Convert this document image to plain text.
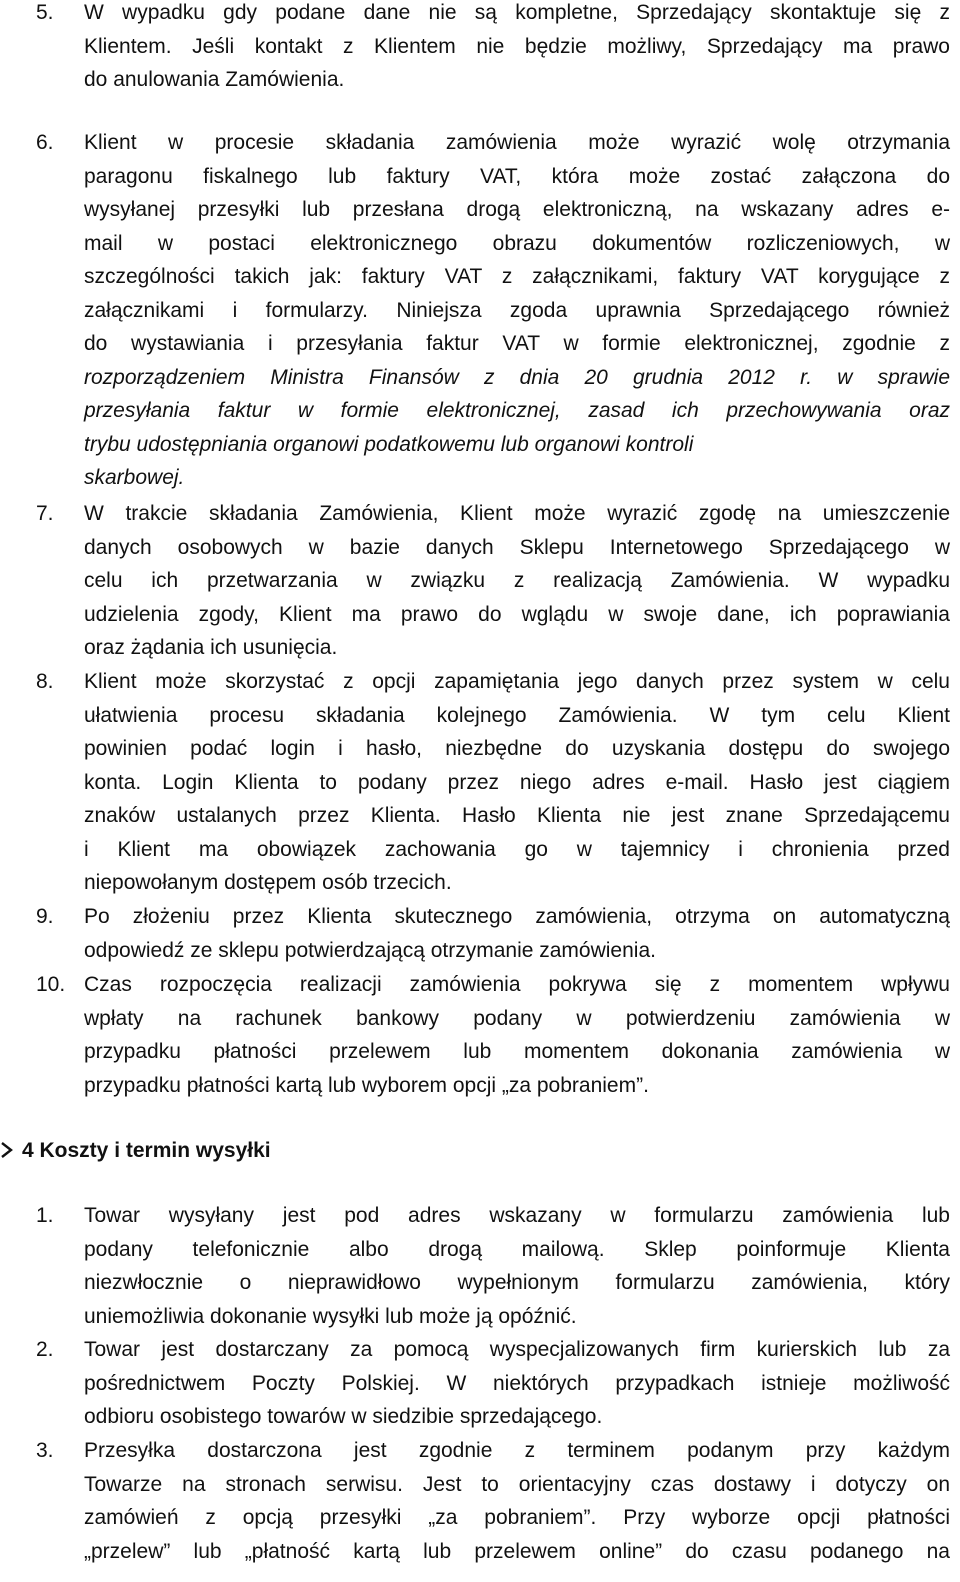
5. W wypadku gdy podane dane nie są kompletne, Sprzedający skontaktuje się z
Klientem. Jeśli kontakt z Klientem nie będzie możliwy, Sprzedający ma prawo
do anulowania Zamówienia.
6. Klient w procesie składania zamówienia może wyrazić wolę otrzymania
paragonu fiskalnego lub faktury VAT, która może zostać załączona do
wysyłanej przesyłki lub przesłana drogą elektroniczną, na wskazany adres e-
mail w postaci elektronicznego obrazu dokumentów rozliczeniowych, w
szczególności takich jak: faktury VAT z załącznikami, faktury VAT korygujące z
załącznikami i formularzy. Niniejsza zgoda uprawnia Sprzedającego również
do wystawiania i przesyłania faktur VAT w formie elektronicznej, zgodnie z
rozporządzeniem Ministra Finansów z dnia 20 grudnia 2012 r. w sprawie
przesyłania faktur w formie elektronicznej, zasad ich przechowywania oraz
trybu udostępniania organowi podatkowemu lub organowi kontroli
skarbowej.
7. W trakcie składania Zamówienia, Klient może wyrazić zgodę na umieszczenie
danych osobowych w bazie danych Sklepu Internetowego Sprzedającego w
celu ich przetwarzania w związku z realizacją Zamówienia. W wypadku
udzielenia zgody, Klient ma prawo do wglądu w swoje dane, ich poprawiania
oraz żądania ich usunięcia.
8. Klient może skorzystać z opcji zapamiętania jego danych przez system w celu
ułatwienia procesu składania kolejnego Zamówienia. W tym celu Klient
powinien podać login i hasło, niezbędne do uzyskania dostępu do swojego
konta. Login Klienta to podany przez niego adres e-mail. Hasło jest ciągiem
znaków ustalanych przez Klienta. Hasło Klienta nie jest znane Sprzedającemu
i Klient ma obowiązek zachowania go w tajemnicy i chronienia przed
niepowołanym dostępem osób trzecich.
9. Po złożeniu przez Klienta skutecznego zamówienia, otrzyma on automatyczną
odpowiedź ze sklepu potwierdzającą otrzymanie zamówienia.
10. Czas rozpoczęcia realizacji zamówienia pokrywa się z momentem wpływu
wpłaty na rachunek bankowy podany w potwierdzeniu zamówienia w
przypadku płatności przelewem lub momentem dokonania zamówienia w
przypadku płatności kartą lub wyborem opcji „za pobraniem”.
4 Koszty i termin wysyłki
1. Towar wysyłany jest pod adres wskazany w formularzu zamówienia lub
podany telefonicznie albo drogą mailową. Sklep poinformuje Klienta
niezwłocznie o nieprawidłowo wypełnionym formularzu zamówienia, który
uniemożliwia dokonanie wysyłki lub może ją opóźnić.
2. Towar jest dostarczany za pomocą wyspecjalizowanych firm kurierskich lub za
pośrednictwem Poczty Polskiej. W niektórych przypadkach istnieje możliwość
odbioru osobistego towarów w siedzibie sprzedającego.
3. Przesyłka dostarczona jest zgodnie z terminem podanym przy każdym
Towarze na stronach serwisu. Jest to orientacyjny czas dostawy i dotyczy on
zamówień z opcją przesyłki „za pobraniem”. Przy wyborze opcji płatności
„przelew” lub „płatność kartą lub przelewem online” do czasu podanego na
